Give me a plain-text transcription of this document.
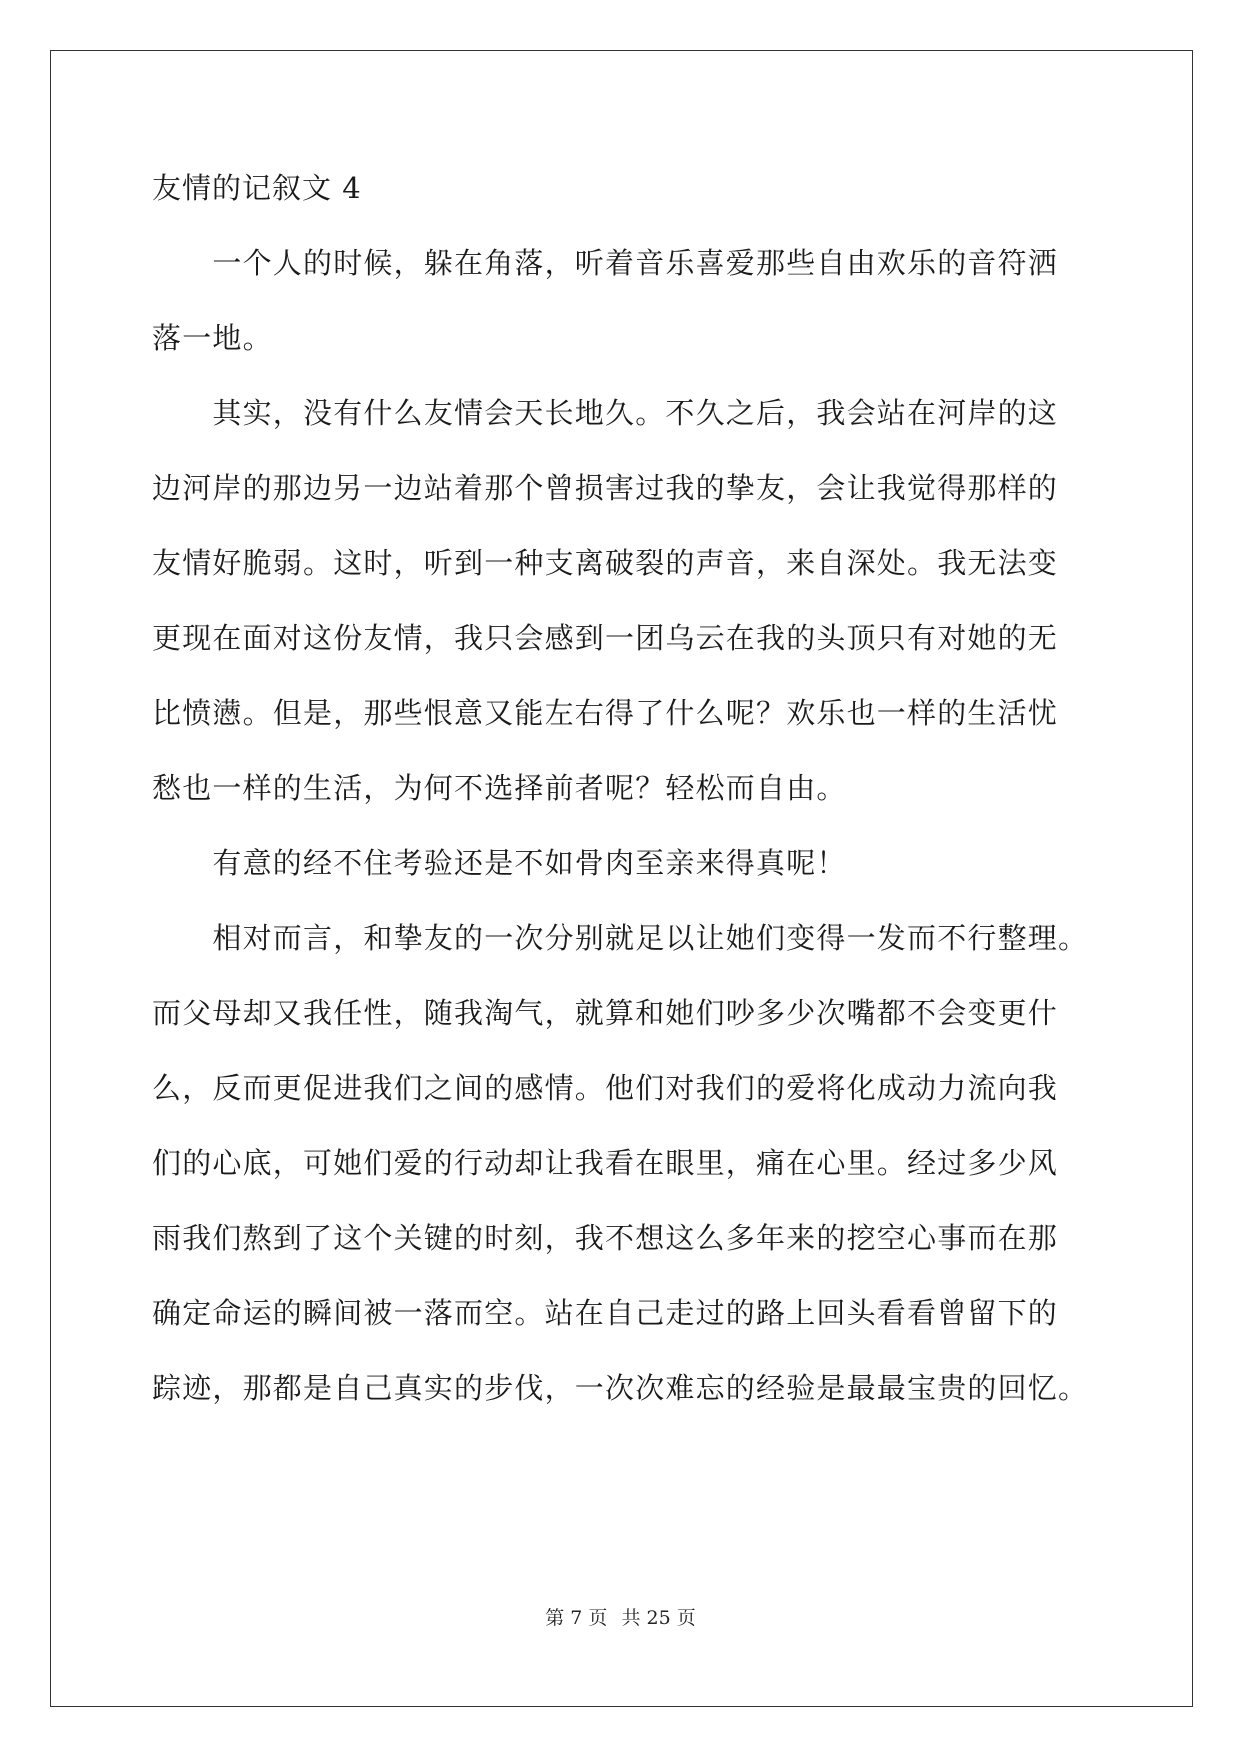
友情的记叙文 4
　　一个人的时候，躲在角落，听着音乐喜爱那些自由欢乐的音符洒
落一地。
　　其实，没有什么友情会天长地久。不久之后，我会站在河岸的这
边河岸的那边另一边站着那个曾损害过我的挚友，会让我觉得那样的
友情好脆弱。这时，听到一种支离破裂的声音，来自深处。我无法变
更现在面对这份友情，我只会感到一团乌云在我的头顶只有对她的无
比愤懑。但是，那些恨意又能左右得了什么呢？欢乐也一样的生活忧
愁也一样的生活，为何不选择前者呢？轻松而自由。
　　有意的经不住考验还是不如骨肉至亲来得真呢！
　　相对而言，和挚友的一次分别就足以让她们变得一发而不行整理。
而父母却又我任性，随我淘气，就算和她们吵多少次嘴都不会变更什
么，反而更促进我们之间的感情。他们对我们的爱将化成动力流向我
们的心底，可她们爱的行动却让我看在眼里，痛在心里。经过多少风
雨我们熬到了这个关键的时刻，我不想这么多年来的挖空心事而在那
确定命运的瞬间被一落而空。站在自己走过的路上回头看看曾留下的
踪迹，那都是自己真实的步伐，一次次难忘的经验是最最宝贵的回忆。
第 7 页 共 25 页
